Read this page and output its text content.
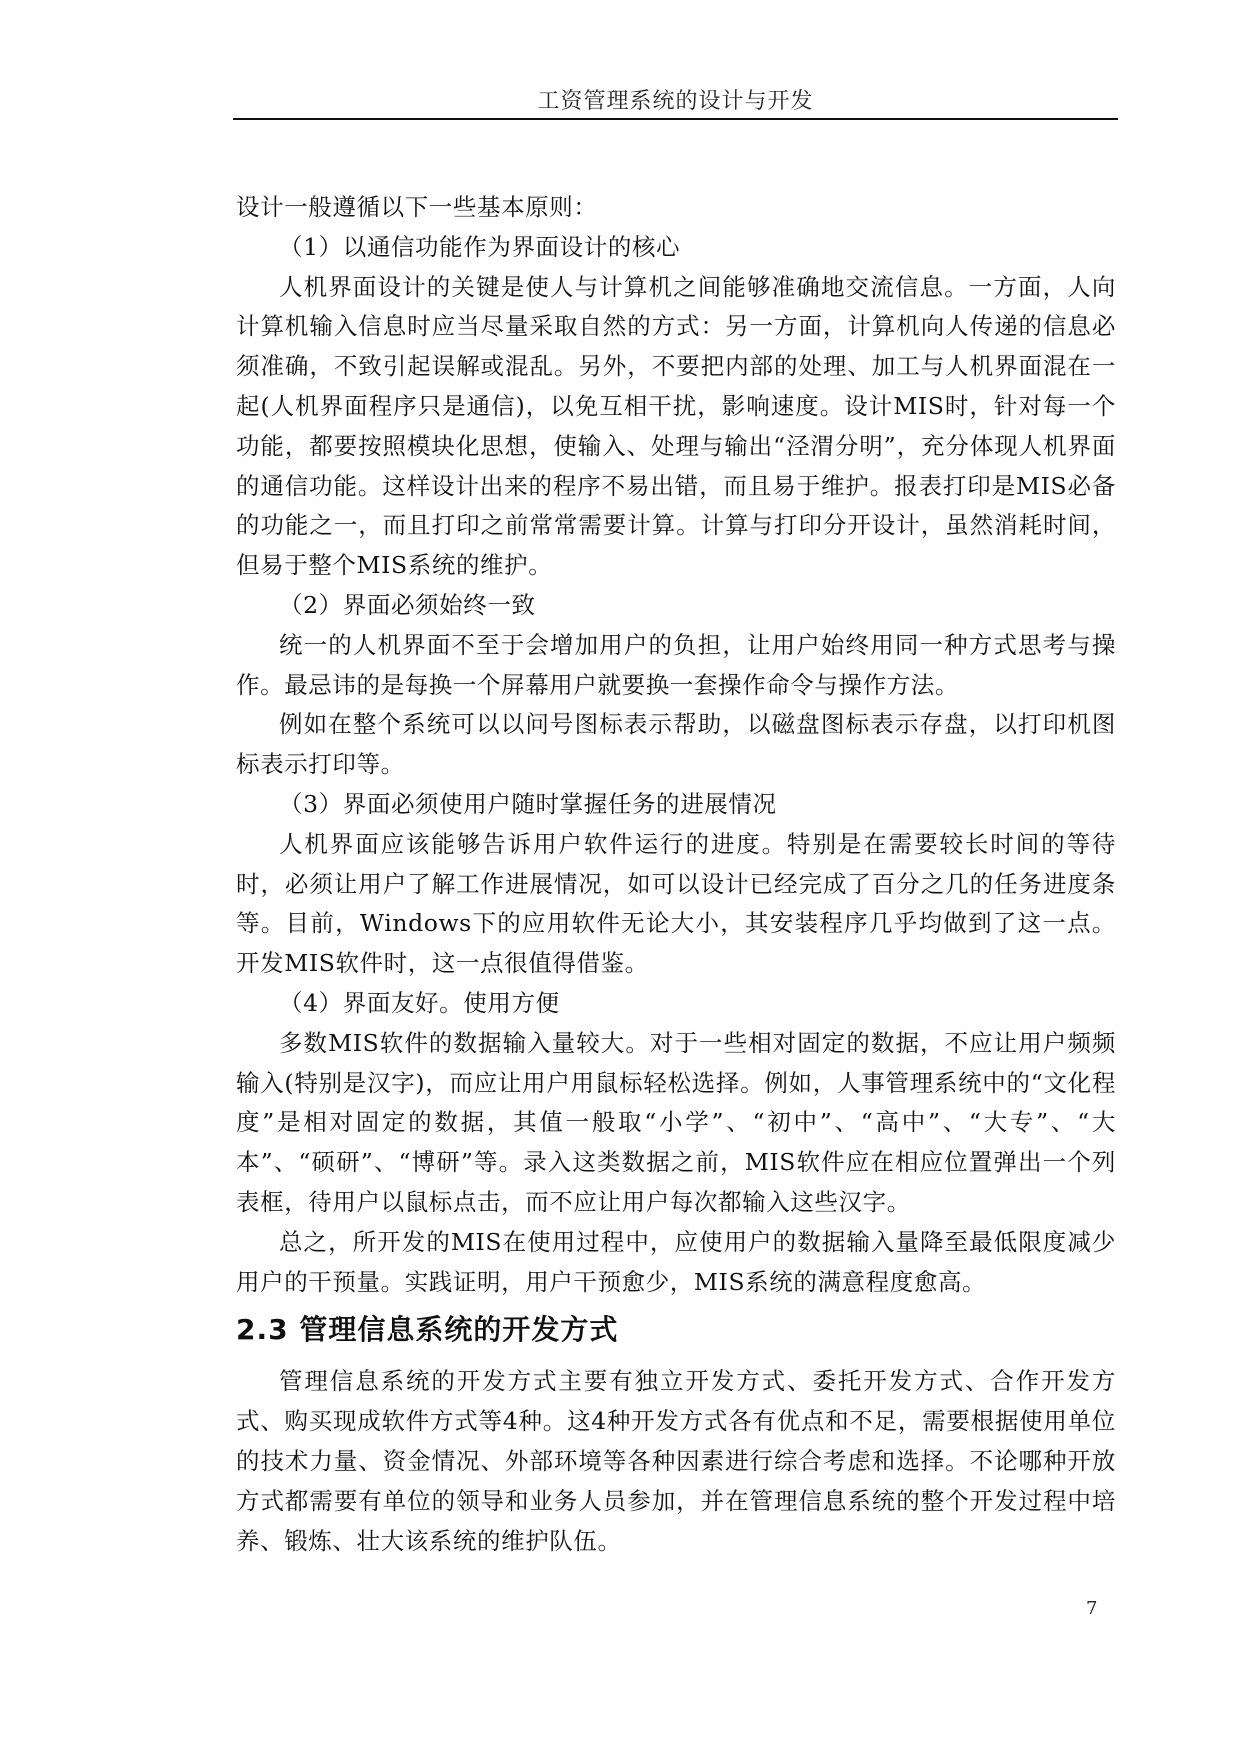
工资管理系统的设计与开发

设计一般遵循以下一些基本原则：

（1）以通信功能作为界面设计的核心

人机界面设计的关键是使人与计算机之间能够准确地交流信息。一方面，人向计算机输入信息时应当尽量采取自然的方式：另一方面，计算机向人传递的信息必须准确，不致引起误解或混乱。另外，不要把内部的处理、加工与人机界面混在一起(人机界面程序只是通信)，以免互相干扰，影响速度。设计MIS时，针对每一个功能，都要按照模块化思想，使输入、处理与输出“泾渭分明”，充分体现人机界面的通信功能。这样设计出来的程序不易出错，而且易于维护。报表打印是MIS必备的功能之一，而且打印之前常常需要计算。计算与打印分开设计，虽然消耗时间，但易于整个MIS系统的维护。

（2）界面必须始终一致

统一的人机界面不至于会增加用户的负担，让用户始终用同一种方式思考与操作。最忌讳的是每换一个屏幕用户就要换一套操作命令与操作方法。

例如在整个系统可以以问号图标表示帮助，以磁盘图标表示存盘，以打印机图标表示打印等。

（3）界面必须使用户随时掌握任务的进展情况

人机界面应该能够告诉用户软件运行的进度。特别是在需要较长时间的等待时，必须让用户了解工作进展情况，如可以设计已经完成了百分之几的任务进度条等。目前，Windows下的应用软件无论大小，其安装程序几乎均做到了这一点。开发MIS软件时，这一点很值得借鉴。

（4）界面友好。使用方便

多数MIS软件的数据输入量较大。对于一些相对固定的数据，不应让用户频频输入(特别是汉字)，而应让用户用鼠标轻松选择。例如，人事管理系统中的“文化程度”是相对固定的数据，其值一般取“小学”、“初中”、“高中”、“大专”、“大本”、“硕研”、“博研”等。录入这类数据之前，MIS软件应在相应位置弹出一个列表框，待用户以鼠标点击，而不应让用户每次都输入这些汉字。

总之，所开发的MIS在使用过程中，应使用户的数据输入量降至最低限度减少用户的干预量。实践证明，用户干预愈少，MIS系统的满意程度愈高。

2.3 管理信息系统的开发方式

管理信息系统的开发方式主要有独立开发方式、委托开发方式、合作开发方式、购买现成软件方式等4种。这4种开发方式各有优点和不足，需要根据使用单位的技术力量、资金情况、外部环境等各种因素进行综合考虑和选择。不论哪种开放方式都需要有单位的领导和业务人员参加，并在管理信息系统的整个开发过程中培养、锻炼、壮大该系统的维护队伍。

7
